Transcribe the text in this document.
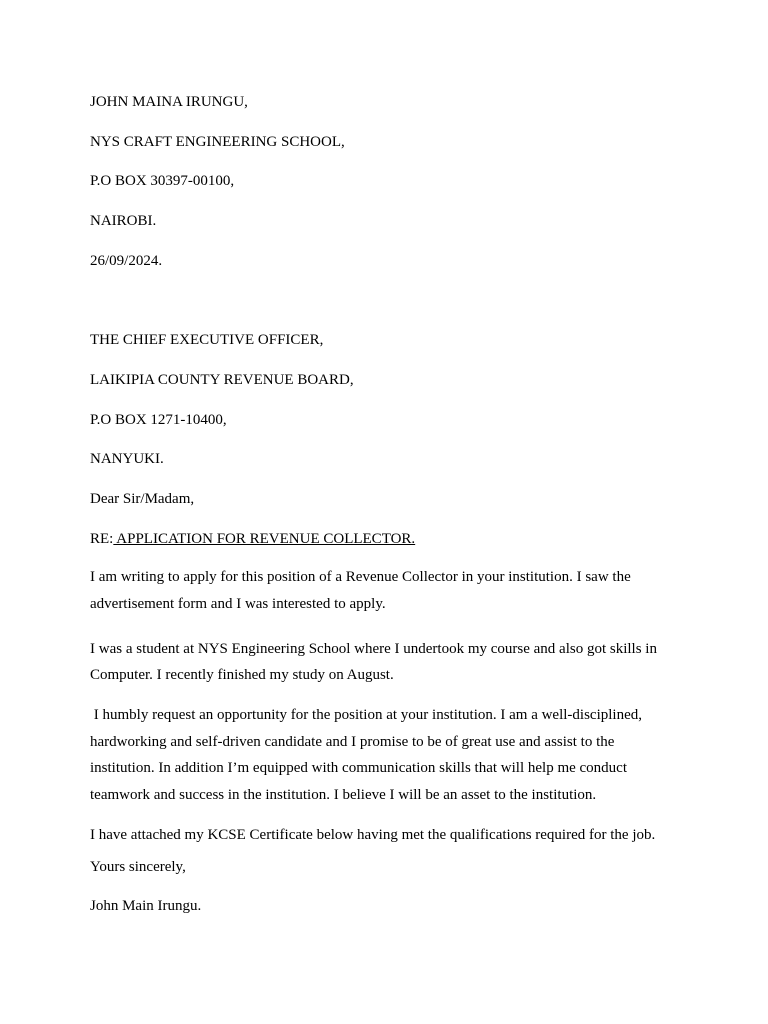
JOHN MAINA IRUNGU,
NYS CRAFT ENGINEERING SCHOOL,
P.O BOX 30397-00100,
NAIROBI.
26/09/2024.
THE CHIEF EXECUTIVE OFFICER,
LAIKIPIA COUNTY REVENUE BOARD,
P.O BOX 1271-10400,
NANYUKI.
Dear Sir/Madam,
RE: APPLICATION FOR REVENUE COLLECTOR.

I am writing to apply for this position of a Revenue Collector in your institution. I saw the advertisement form and I was interested to apply.

I was a student at NYS Engineering School where I undertook my course and also got skills in Computer. I recently finished my study on August.

I humbly request an opportunity for the position at your institution. I am a well-disciplined, hardworking and self-driven candidate and I promise to be of great use and assist to the institution. In addition I’m equipped with communication skills that will help me conduct teamwork and success in the institution. I believe I will be an asset to the institution.

I have attached my KCSE Certificate below having met the qualifications required for the job.

Yours sincerely,
John Main Irungu.
